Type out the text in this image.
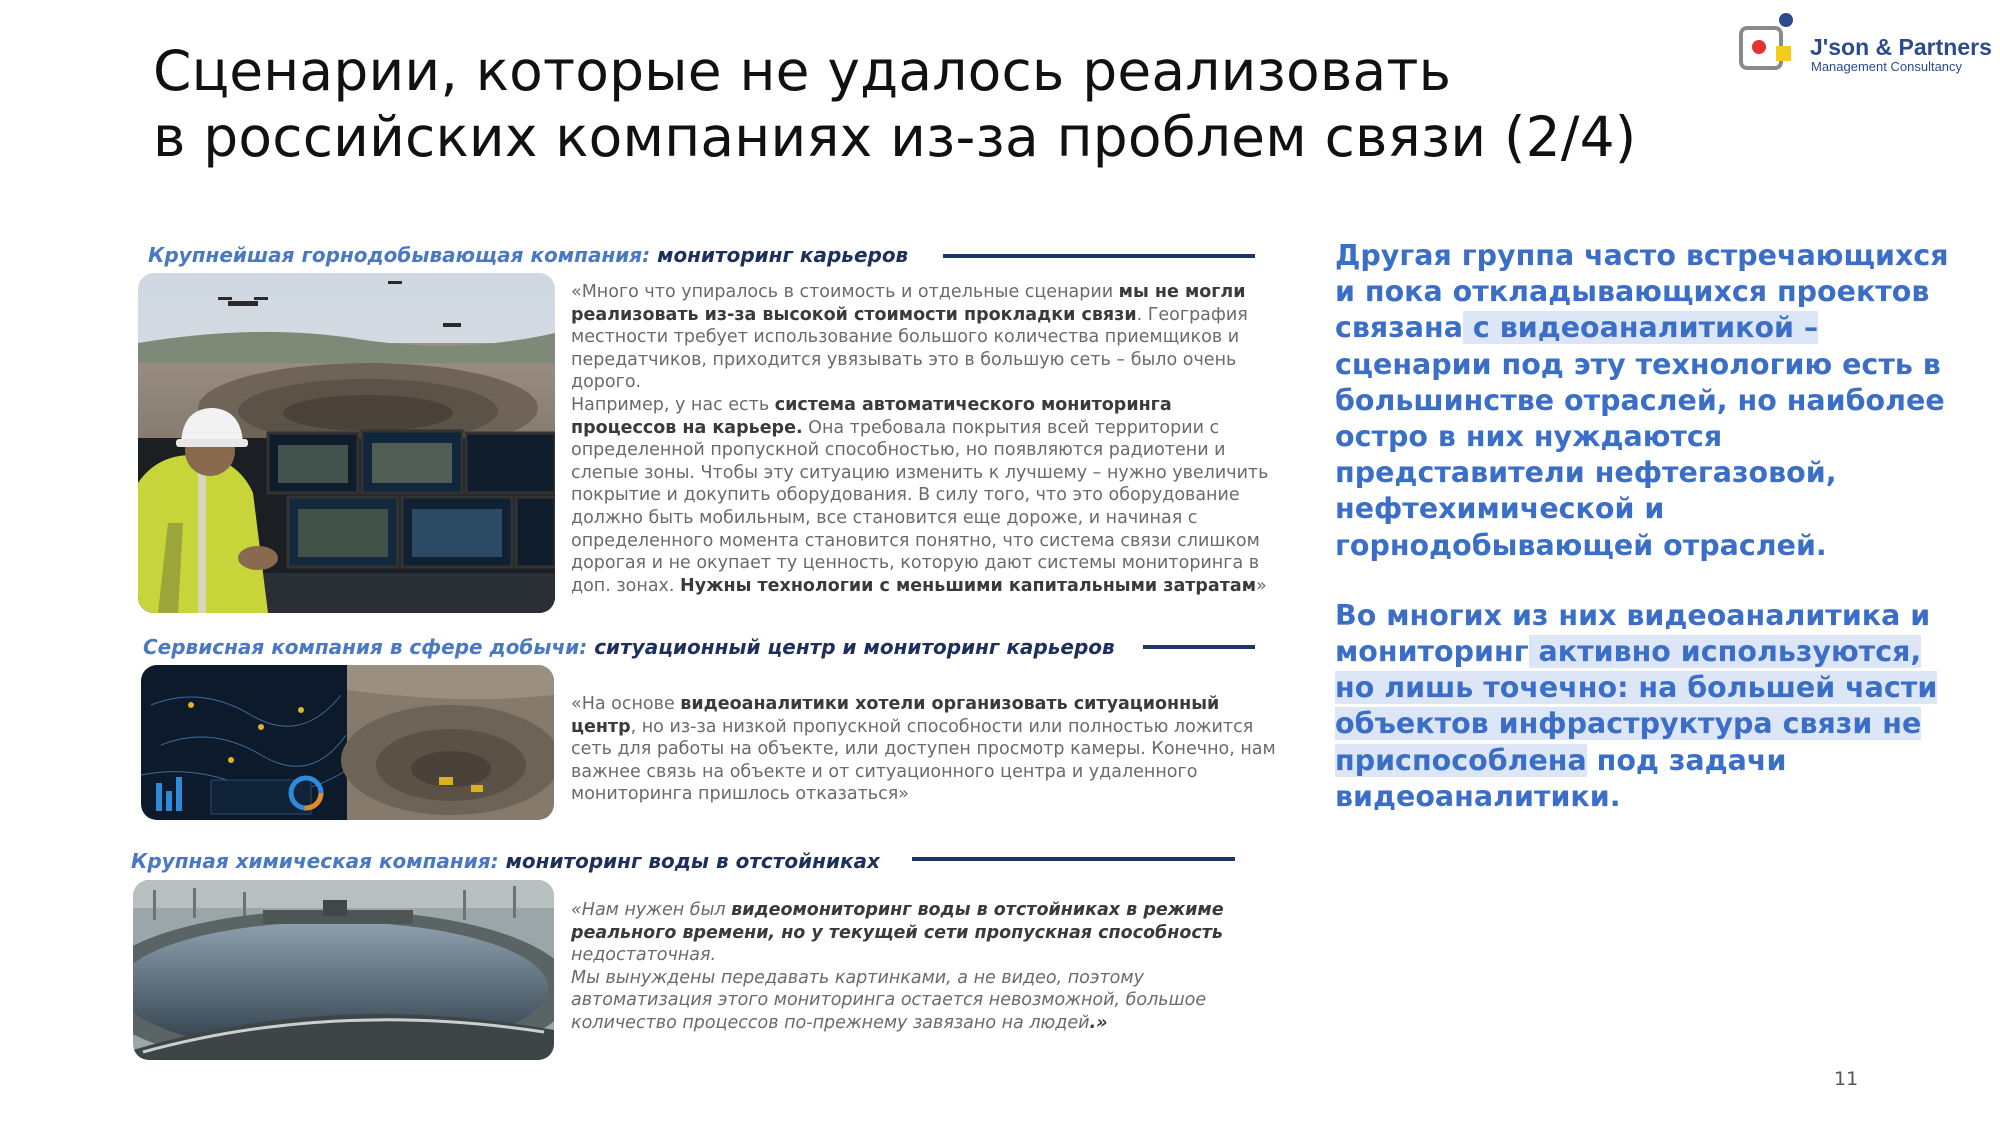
Сценарии, которые не удалось реализовать
в российских компаниях из-за проблем связи (2/4)
J'son & Partners
Management Consultancy
Крупнейшая горнодобывающая компания: мониторинг карьеров

«Много что упиралось в стоимость и отдельные сценарии мы не могли реализовать из-за высокой стоимости прокладки связи. География местности требует использование большого количества приемщиков и передатчиков, приходится увязывать это в большую сеть – было очень дорого.

Например, у нас есть система автоматического мониторинга процессов на карьере. Она требовала покрытия всей территории с определенной пропускной способностью, но появляются радиотени и слепые зоны. Чтобы эту ситуацию изменить к лучшему – нужно увеличить покрытие и докупить оборудования. В силу того, что это оборудование должно быть мобильным, все становится еще дороже, и начиная с определенного момента становится понятно, что система связи слишком дорогая и не окупает ту ценность, которую дают системы мониторинга в доп. зонах. Нужны технологии с меньшими капитальными затратам»

Сервисная компания в сфере добычи: ситуационный центр и мониторинг карьеров

«На основе видеоаналитики хотели организовать ситуационный центр, но из-за низкой пропускной способности или полностью ложится сеть для работы на объекте, или доступен просмотр камеры. Конечно, нам важнее связь на объекте и от ситуационного центра и удаленного мониторинга пришлось отказаться»

Крупная химическая компания: мониторинг воды в отстойниках

«Нам нужен был видеомониторинг воды в отстойниках в режиме реального времени, но у текущей сети пропускная способность недостаточная.

Мы вынуждены передавать картинками, а не видео, поэтому автоматизация этого мониторинга остается невозможной, большое количество процессов по-прежнему завязано на людей.»

Другая группа часто встречающихся и пока откладывающихся проектов связана с видеоаналитикой – сценарии под эту технологию есть в большинстве отраслей, но наиболее остро в них нуждаются представители нефтегазовой, нефтехимической и горнодобывающей отраслей.

Во многих из них видеоаналитика и мониторинг активно используются, но лишь точечно: на большей части объектов инфраструктура связи не приспособлена под задачи видеоаналитики.

11
